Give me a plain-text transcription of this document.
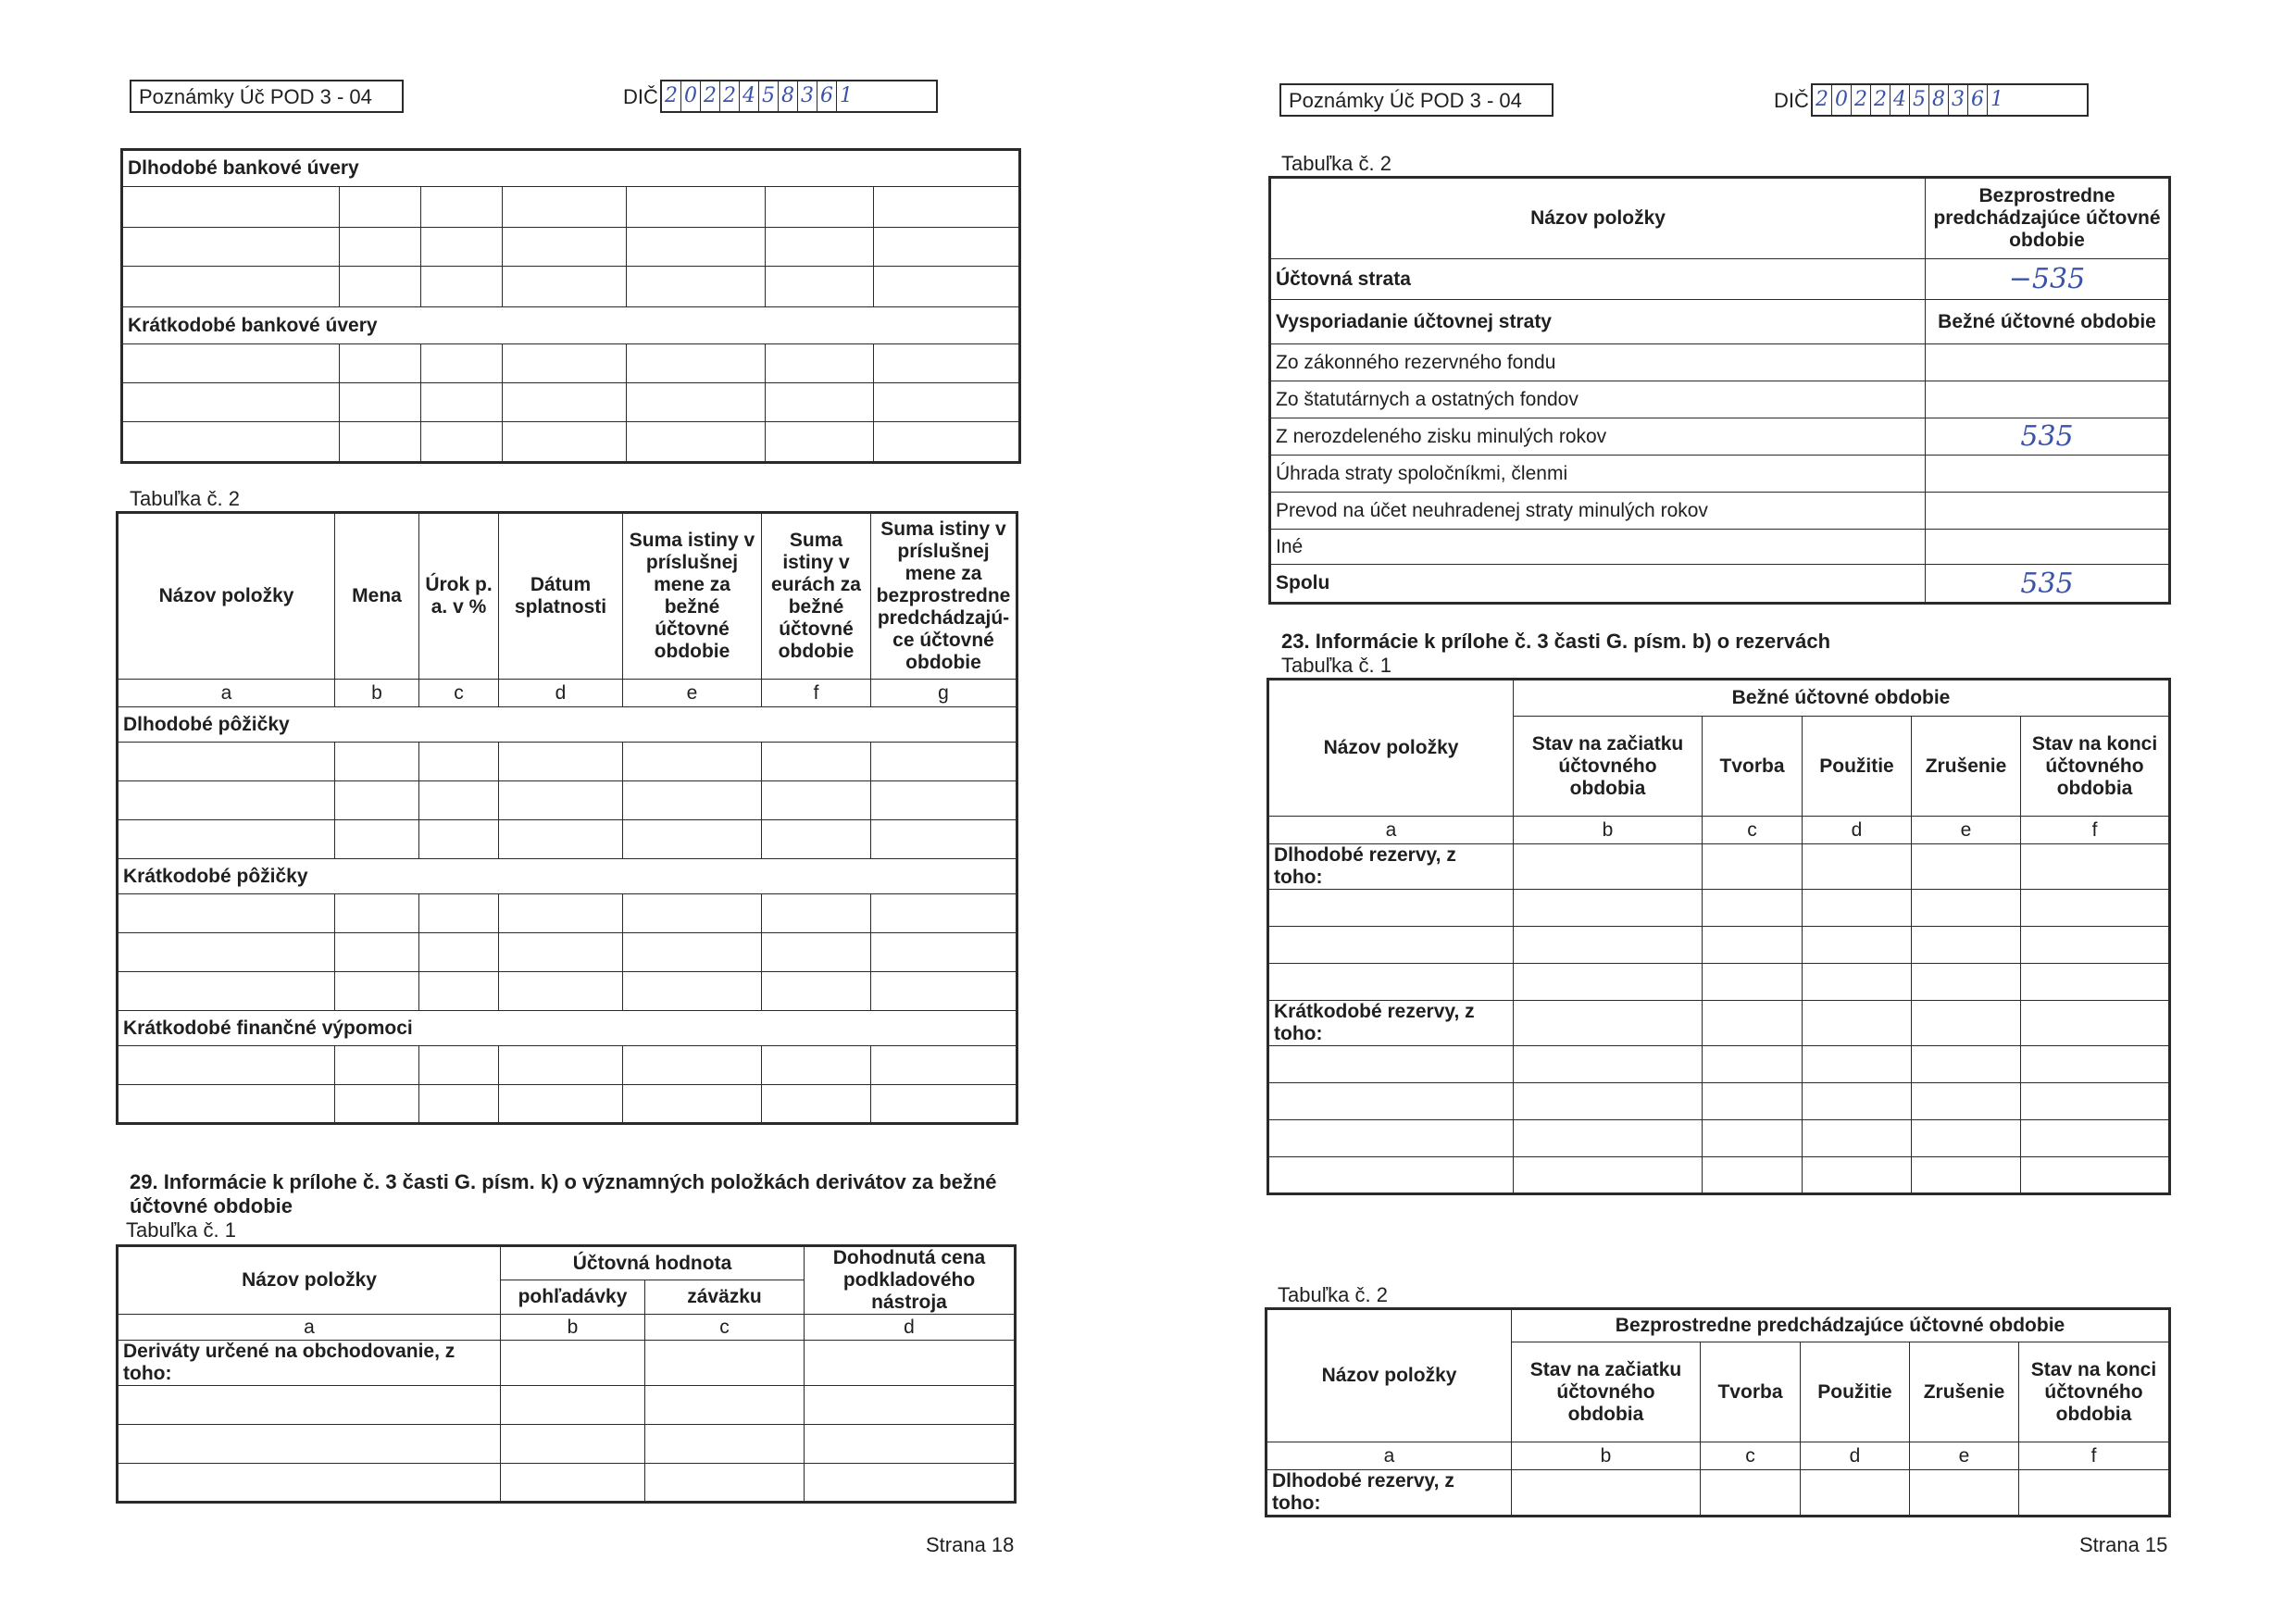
Poznámky Úč POD 3 - 04	DIČ 2 0 2 2 4 5 8 3 6 1
Dlhodobé bankové úvery						

Krátkodobé bankové úvery						

Tabuľka č. 2
Názov položky	Mena	Úrok p. a. v %	Dátum splatnosti	Suma istiny v príslušnej mene za bežné účtovné obdobie	Suma istiny v eurách za bežné účtovné obdobie	Suma istiny v príslušnej mene za bezprostredne predchádzajú-ce účtovné obdobie
a	b	c	d	e	f	g
Dlhodobé pôžičky						

Krátkodobé pôžičky						

Krátkodobé finančné výpomoci						

29. Informácie k prílohe č. 3 časti G. písm. k) o významných položkách derivátov za bežné účtovné obdobie
Tabuľka č. 1
Názov položky	Účtovná hodnota		Dohodnutá cena podkladového nástroja
	pohľadávky	záväzku	
a	b	c	d
Deriváty určené na obchodovanie, z toho:			

Strana 18
Poznámky Úč POD 3 - 04	DIČ 2 0 2 2 4 5 8 3 6 1
Tabuľka č. 2
Názov položky	Bezprostredne predchádzajúce účtovné obdobie
Účtovná strata	−535
Vysporiadanie účtovnej straty	Bežné účtovné obdobie
Zo zákonného rezervného fondu	
Zo štatutárnych a ostatných fondov	
Z nerozdeleného zisku minulých rokov	535
Úhrada straty spoločníkmi, členmi	
Prevod na účet neuhradenej straty minulých rokov	
Iné	
Spolu	535
23. Informácie k prílohe č. 3 časti G. písm. b) o rezervách
Tabuľka č. 1
Názov položky	Bežné účtovné obdobie				
	Stav na začiatku účtovného obdobia	Tvorba	Použitie	Zrušenie	Stav na konci účtovného obdobia
a	b	c	d	e	f
Dlhodobé rezervy, z toho:					

Krátkodobé rezervy, z toho:					

Tabuľka č. 2
Názov položky	Bezprostredne predchádzajúce účtovné obdobie				
	Stav na začiatku účtovného obdobia	Tvorba	Použitie	Zrušenie	Stav na konci účtovného obdobia
a	b	c	d	e	f
Dlhodobé rezervy, z toho:					
Strana 15
